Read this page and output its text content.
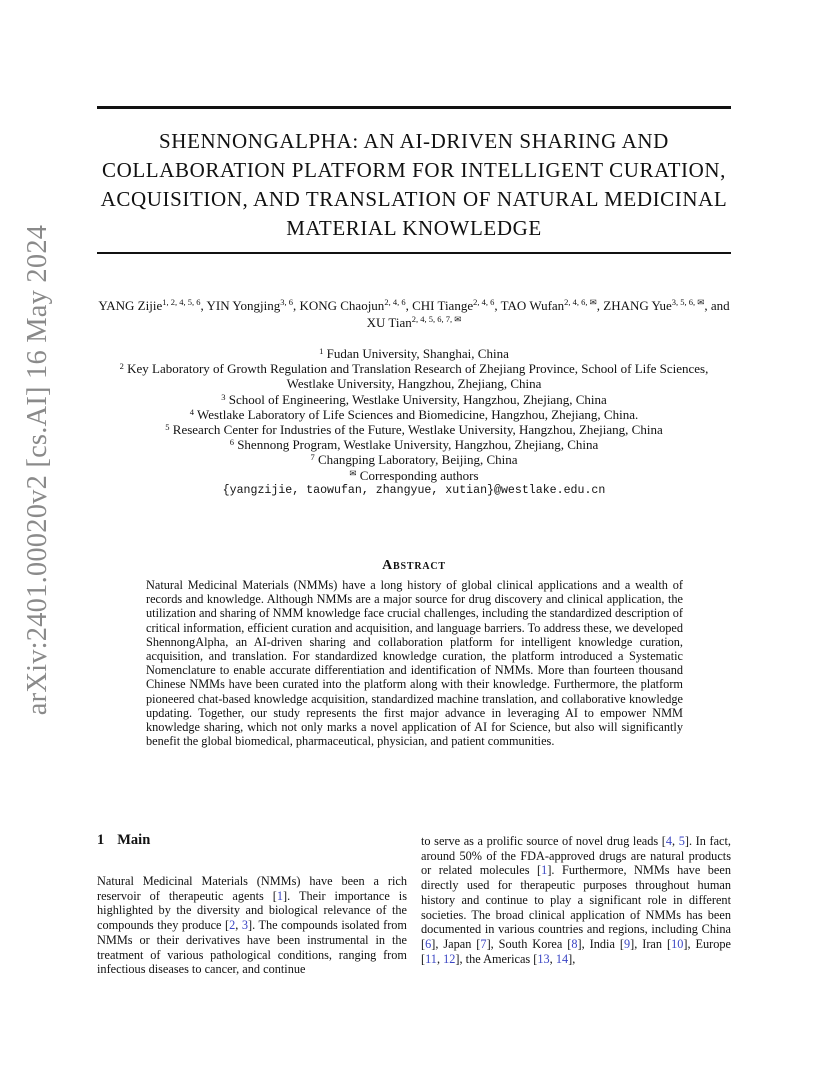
arXiv:2401.00020v2 [cs.AI] 16 May 2024
SHENNONGALPHA: AN AI-DRIVEN SHARING AND
COLLABORATION PLATFORM FOR INTELLIGENT CURATION,
ACQUISITION, AND TRANSLATION OF NATURAL MEDICINAL
MATERIAL KNOWLEDGE
YANG Zijie$^{1, 2, 4, 5, 6}$, YIN Yongjing$^{3, 6}$, KONG Chaojun$^{2, 4, 6}$, CHI Tiange$^{2, 4, 6}$, TAO Wufan$^{2, 4, 6, ✉}$, ZHANG Yue$^{3, 5, 6, ✉}$, and XU Tian$^{2, 4, 5, 6, 7, ✉}$
$^1$ Fudan University, Shanghai, China
$^2$ Key Laboratory of Growth Regulation and Translation Research of Zhejiang Province, School of Life Sciences,
Westlake University, Hangzhou, Zhejiang, China
$^3$ School of Engineering, Westlake University, Hangzhou, Zhejiang, China
$^4$ Westlake Laboratory of Life Sciences and Biomedicine, Hangzhou, Zhejiang, China.
$^5$ Research Center for Industries of the Future, Westlake University, Hangzhou, Zhejiang, China
$^6$ Shennong Program, Westlake University, Hangzhou, Zhejiang, China
$^7$ Changping Laboratory, Beijing, China
✉ Corresponding authors
{yangzijie, taowufan, zhangyue, xutian}@westlake.edu.cn
Abstract
Natural Medicinal Materials (NMMs) have a long history of global clinical applications and a wealth of records and knowledge. Although NMMs are a major source for drug discovery and clinical application, the utilization and sharing of NMM knowledge face crucial challenges, including the standardized description of critical information, efficient curation and acquisition, and language barriers. To address these, we developed ShennongAlpha, an AI-driven sharing and collaboration platform for intelligent knowledge curation, acquisition, and translation. For standardized knowledge curation, the platform introduced a Systematic Nomenclature to enable accurate differentiation and identification of NMMs. More than fourteen thousand Chinese NMMs have been curated into the platform along with their knowledge. Furthermore, the platform pioneered chat-based knowledge acquisition, standardized machine translation, and collaborative knowledge updating. Together, our study represents the first major advance in leveraging AI to empower NMM knowledge sharing, which not only marks a novel application of AI for Science, but also will significantly benefit the global biomedical, pharmaceutical, physician, and patient communities.
1 Main
Natural Medicinal Materials (NMMs) have been a rich reservoir of therapeutic agents [1]. Their importance is highlighted by the diversity and biological relevance of the compounds they produce [2, 3]. The compounds isolated from NMMs or their derivatives have been instrumental in the treatment of various pathological conditions, ranging from infectious diseases to cancer, and continue
to serve as a prolific source of novel drug leads [4, 5]. In fact, around 50% of the FDA-approved drugs are natural products or related molecules [1]. Furthermore, NMMs have been directly used for therapeutic purposes throughout human history and continue to play a significant role in different societies. The broad clinical application of NMMs has been documented in various countries and regions, including China [6], Japan [7], South Korea [8], India [9], Iran [10], Europe [11, 12], the Americas [13, 14],
